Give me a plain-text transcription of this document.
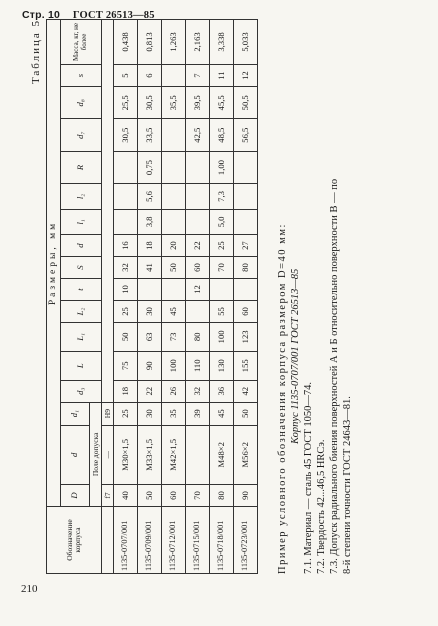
Стр. 10 ГОСТ 26513—85
Таблица 5
Обозначение корпуса	Размеры, мм																
	D	d	d₁	d₃	L	L₁	L₂	t	S	d	l₁	l₂	R	d₇	d₈	s	Масса, кг, не более
	Поле допуска																
	f7	—	H9														
1135-0707/001	40	M30×1,5	25	18	75	50	25	10	32	16				30,5	25,5	5	0,438
1135-0709/001	50	M33×1,5	30	22	90	63	30		41	18	3,8	5,6	0,75	33,5	30,5	6	0,813
1135-0712/001	60	M42×1,5	35	26	100	73	45		50	20					35,5		1,263
1135-0715/001	70		39	32	110	80		12	60	22				42,5	39,5	7	2,163
1135-0718/001	80	M48×2	45	36	130	100	55		70	25	5,0	7,3	1,00	48,5	45,5	11	3,338
1135-0723/001	90	M56×2	50	42	155	123	60		80	27				56,5	50,5	12	5,033
Пример условного обозначения корпуса размером D=40 мм: Корпус 1135-0707/001 ГОСТ 26513—85
7.1. Материал — сталь 45 ГОСТ 1050—74. 7.2. Твердость 42...46,5 HRCэ. 7.3. Допуск радиального биения поверхностей А и Б относительно поверхности В — по 8-й степени точности ГОСТ 24643—81.
210
